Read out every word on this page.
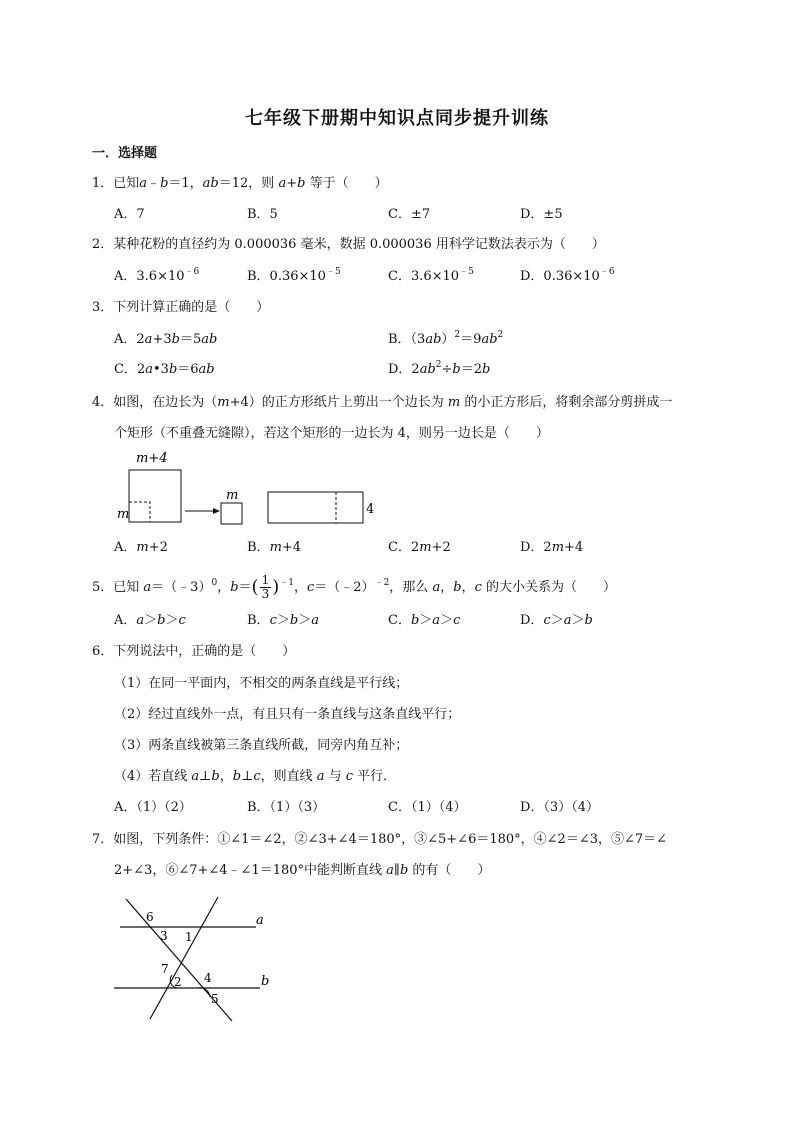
七年级下册期中知识点同步提升训练
一．选择题
1．已知a﹣b＝1，ab＝12，则 a+b 等于（　　）
A．7	B．5	C．±7	D．±5
2．某种花粉的直径约为 0.000036 毫米，数据 0.000036 用科学记数法表示为（　　）
A．$3.6\times 10^{﹣6}$	B．$0.36\times 10^{﹣5}$	C．$3.6\times 10^{﹣5}$	D．$0.36\times 10^{﹣6}$
3．下列计算正确的是（　　）
A．2a+3b＝5ab	B．$(3ab)^2=9ab^2$
C．2a•3b＝6ab	D．$2ab^2\div b=2b$
4．如图，在边长为（m+4）的正方形纸片上剪出一个边长为 m 的小正方形后，将剩余部分剪拼成一
个矩形（不重叠无缝隙），若这个矩形的一边长为 4，则另一边长是（　　）
m+4
m
m
4
A．m+2	B．m+4	C．2m+2	D．2m+4
5．已知 a＝（﹣3）$^0$，$b=( \frac{1}{3} )^{﹣1}$，c＝（﹣2）$^{﹣2}$，那么 a，b，c 的大小关系为（　　）
A．a＞b＞c	B．c＞b＞a	C．b＞a＞c	D．c＞a＞b
6．下列说法中，正确的是（　　）
（1）在同一平面内，不相交的两条直线是平行线；
（2）经过直线外一点，有且只有一条直线与这条直线平行；
（3）两条直线被第三条直线所截，同旁内角互补；
（4）若直线 a⊥b，b⊥c，则直线 a 与 c 平行．
A．（1）（2）	B．（1）（3）	C．（1）（4）	D．（3）（4）
7．如图，下列条件：①∠1＝∠2，②∠3+∠4＝180°，③∠5+∠6＝180°，④∠2＝∠3，⑤∠7＝∠
2+∠3，⑥∠7+∠4﹣∠1＝180°中能判断直线 a∥b 的有（　　）
a
b
6
3 1
7
2 4
5
